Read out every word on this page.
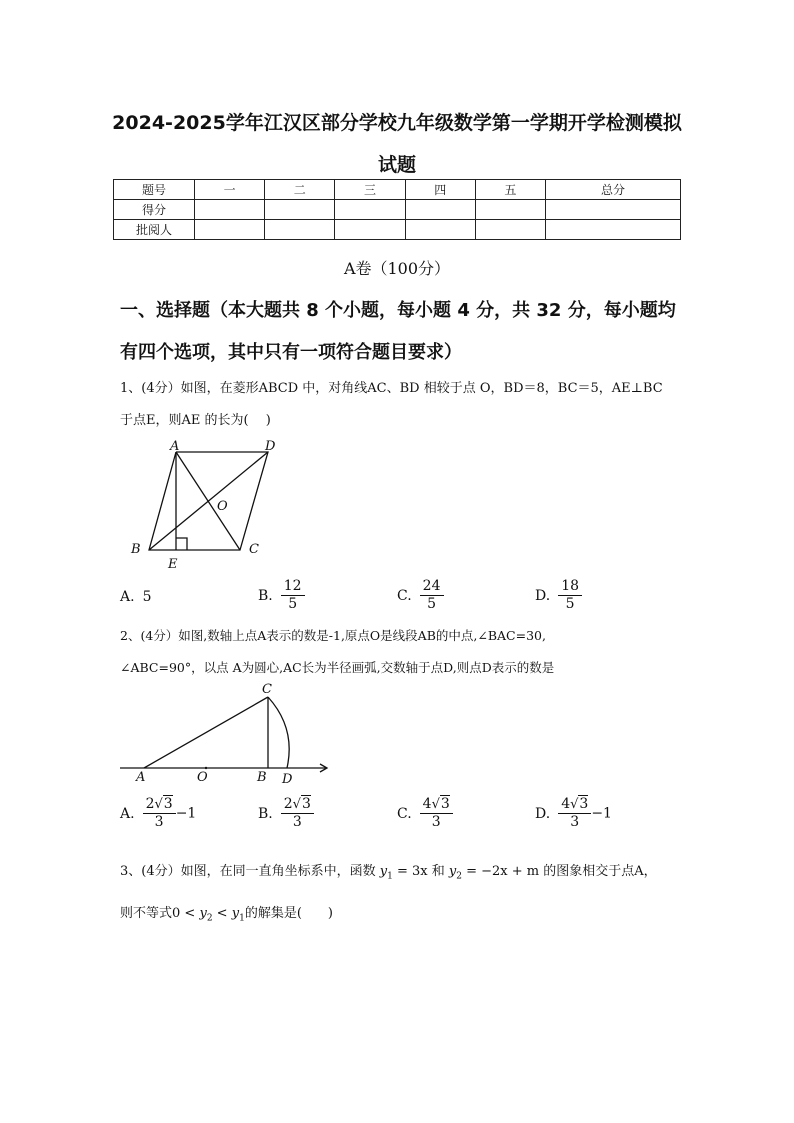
2024-2025学年江汉区部分学校九年级数学第一学期开学检测模拟
试题
题号	一	二	三	四	五	总分
得分						
批阅人						
A卷（100分）
一、选择题（本大题共 8 个小题，每小题 4 分，共 32 分，每小题均
有四个选项，其中只有一项符合题目要求）
1、(4分）如图，在菱形ABCD 中，对角线AC、BD 相较于点 O，BD＝8，BC＝5，AE⊥BC
于点E，则AE 的长为(　 )
A	D
O
B	C
E
A. 5	B. $\frac{12}{5}$	C. $\frac{24}{5}$	D. $\frac{18}{5}$
2、(4分）如图,数轴上点A表示的数是-1,原点O是线段AB的中点,∠BAC=30,
∠ABC=90°，以点 A为圆心,AC长为半径画弧,交数轴于点D,则点D表示的数是
C
A	O	B D
A. $\frac{2√3}{3} -1$	B. $\frac{2√3}{3}$	C. $\frac{4√3}{3}$	D. $\frac{4√3}{3} -1$
3、(4分）如图，在同一直角坐标系中，函数 $y_1 = 3x$ 和 $y_2 = -2x + m$ 的图象相交于点A，
则不等式$0 < y_2 < y_1$的解集是(　　)
